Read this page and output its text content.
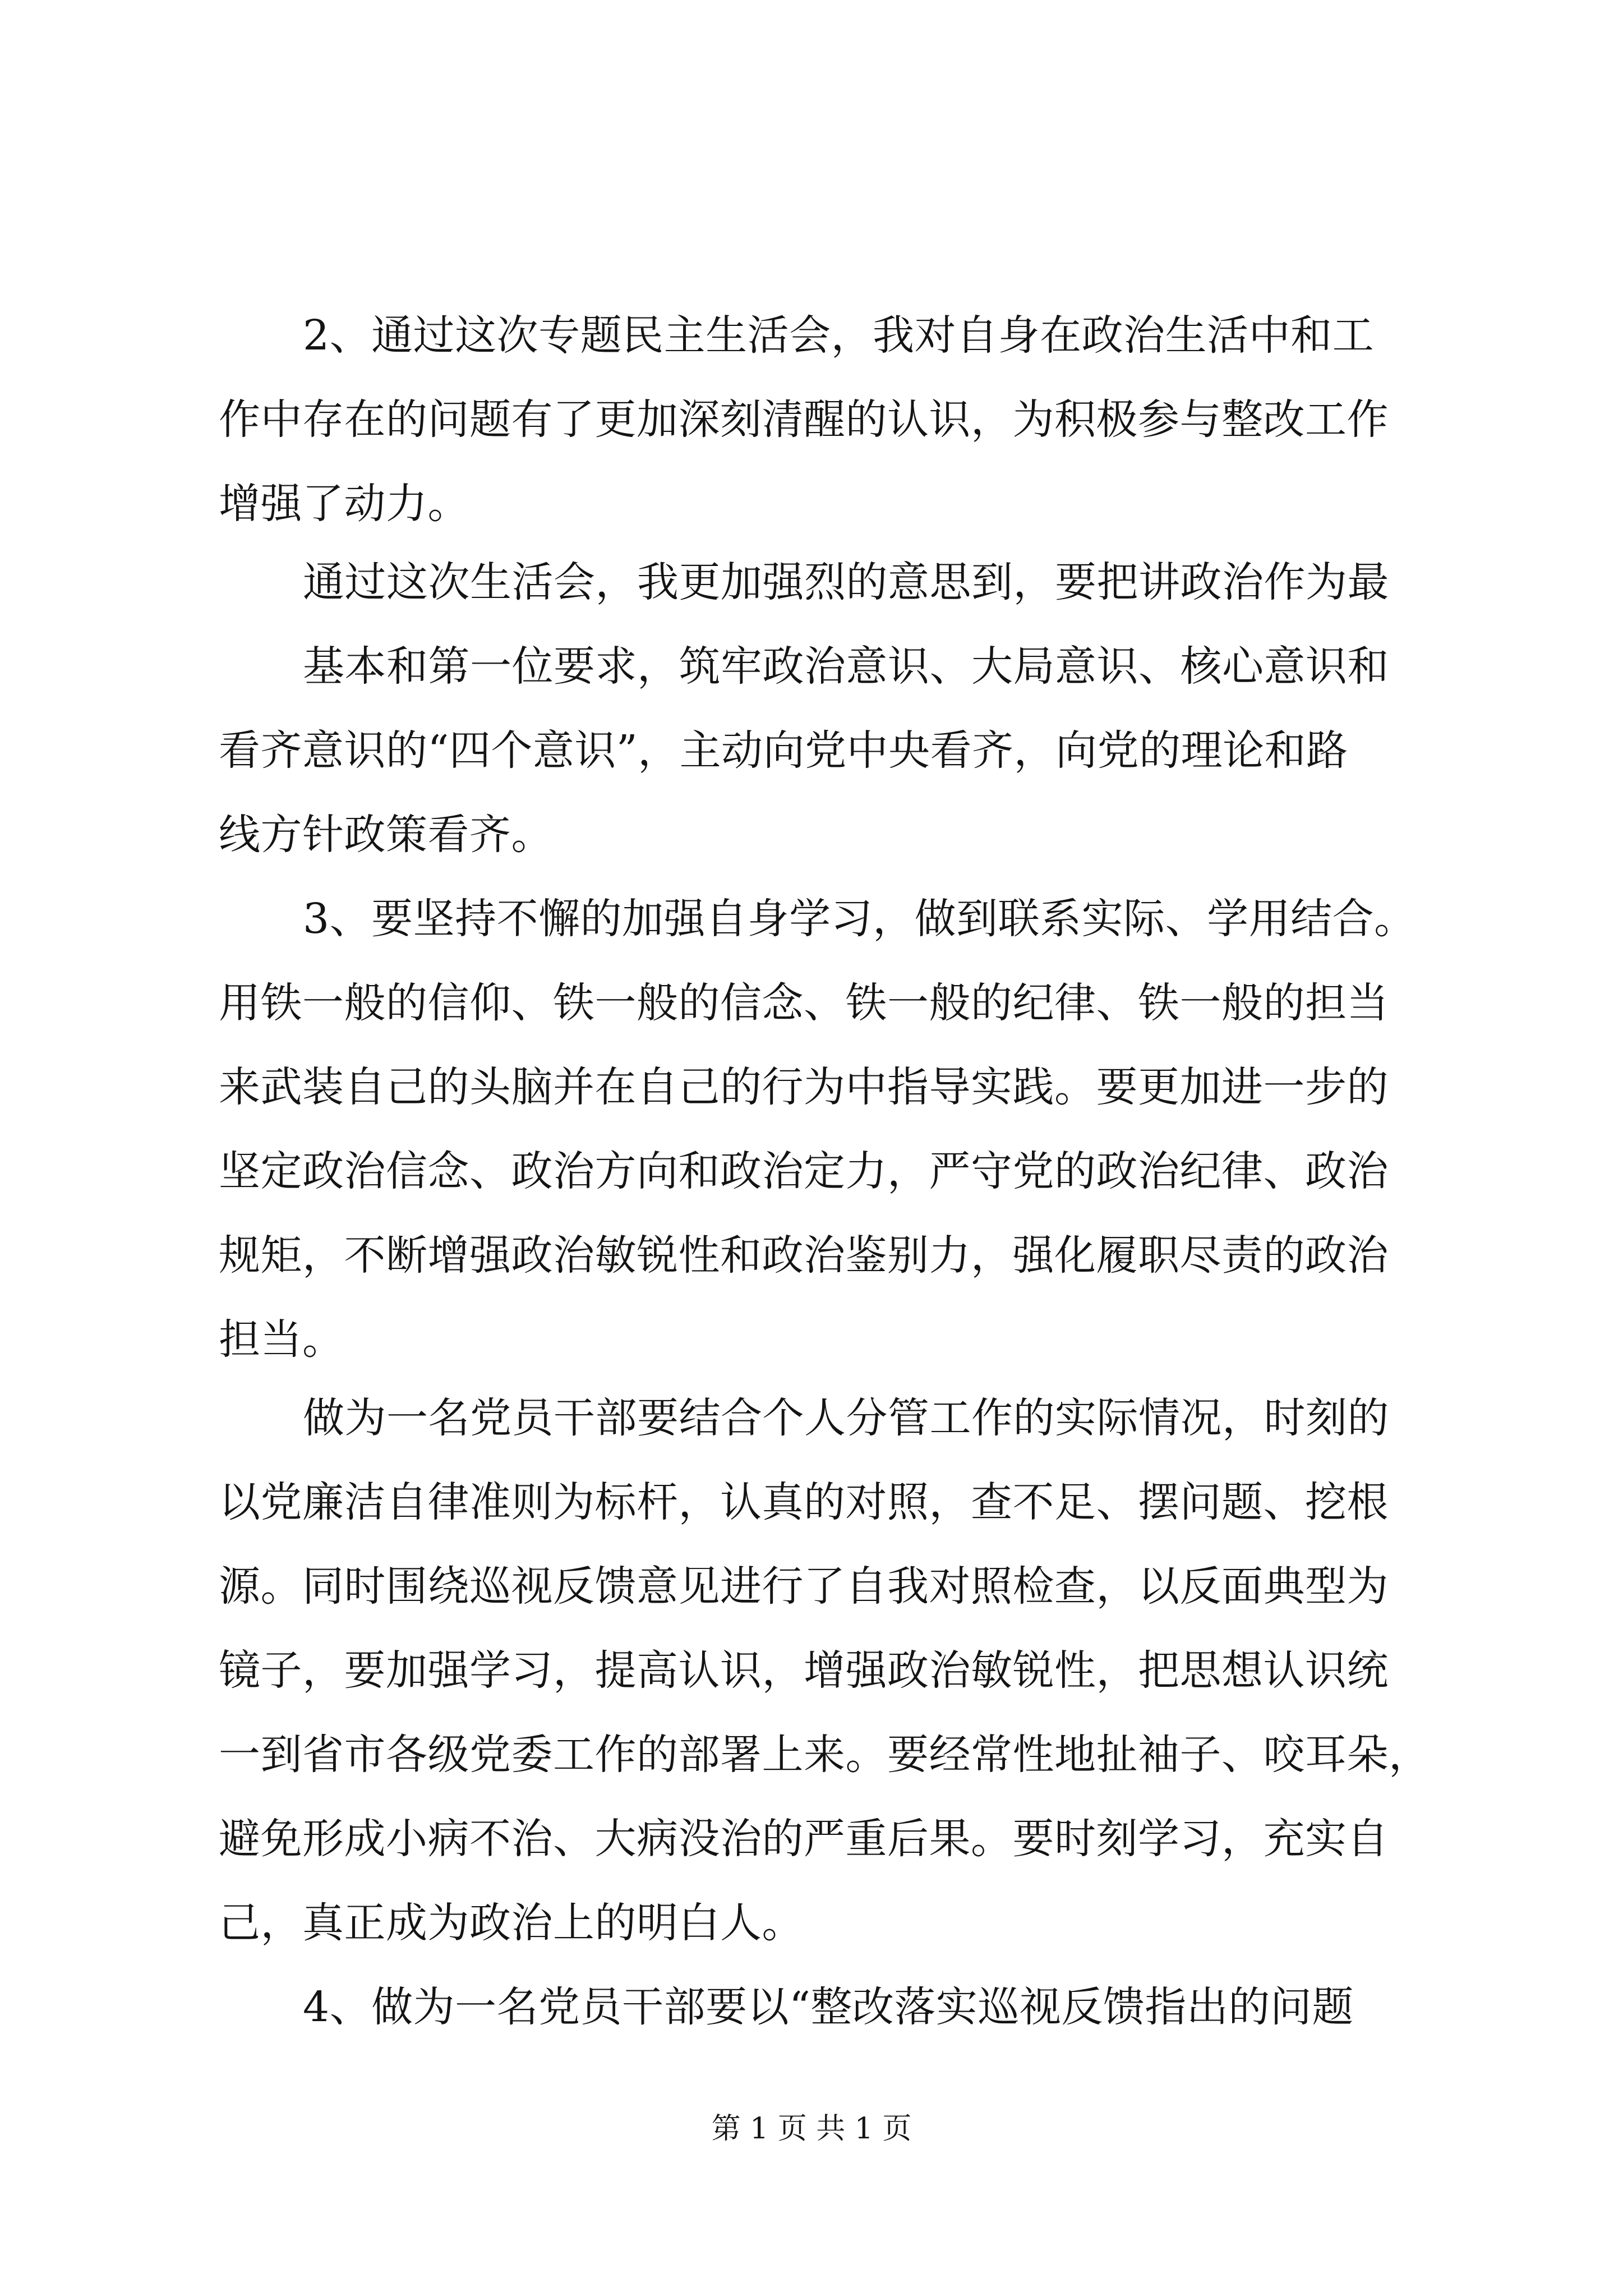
2、通过这次专题民主生活会，我对自身在政治生活中和工
作中存在的问题有了更加深刻清醒的认识，为积极参与整改工作
增强了动力。
通过这次生活会，我更加强烈的意思到，要把讲政治作为最
基本和第一位要求，筑牢政治意识、大局意识、核心意识和
看齐意识的“四个意识”，主动向党中央看齐，向党的理论和路
线方针政策看齐。
3、要坚持不懈的加强自身学习，做到联系实际、学用结合。
用铁一般的信仰、铁一般的信念、铁一般的纪律、铁一般的担当
来武装自己的头脑并在自己的行为中指导实践。要更加进一步的
坚定政治信念、政治方向和政治定力，严守党的政治纪律、政治
规矩，不断增强政治敏锐性和政治鉴别力，强化履职尽责的政治
担当。
做为一名党员干部要结合个人分管工作的实际情况，时刻的
以党廉洁自律准则为标杆，认真的对照，查不足、摆问题、挖根
源。同时围绕巡视反馈意见进行了自我对照检查，以反面典型为
镜子，要加强学习，提高认识，增强政治敏锐性，把思想认识统
一到省市各级党委工作的部署上来。要经常性地扯袖子、咬耳朵，
避免形成小病不治、大病没治的严重后果。要时刻学习，充实自
己，真正成为政治上的明白人。
4、做为一名党员干部要以“整改落实巡视反馈指出的问题
第 1 页 共 1 页
